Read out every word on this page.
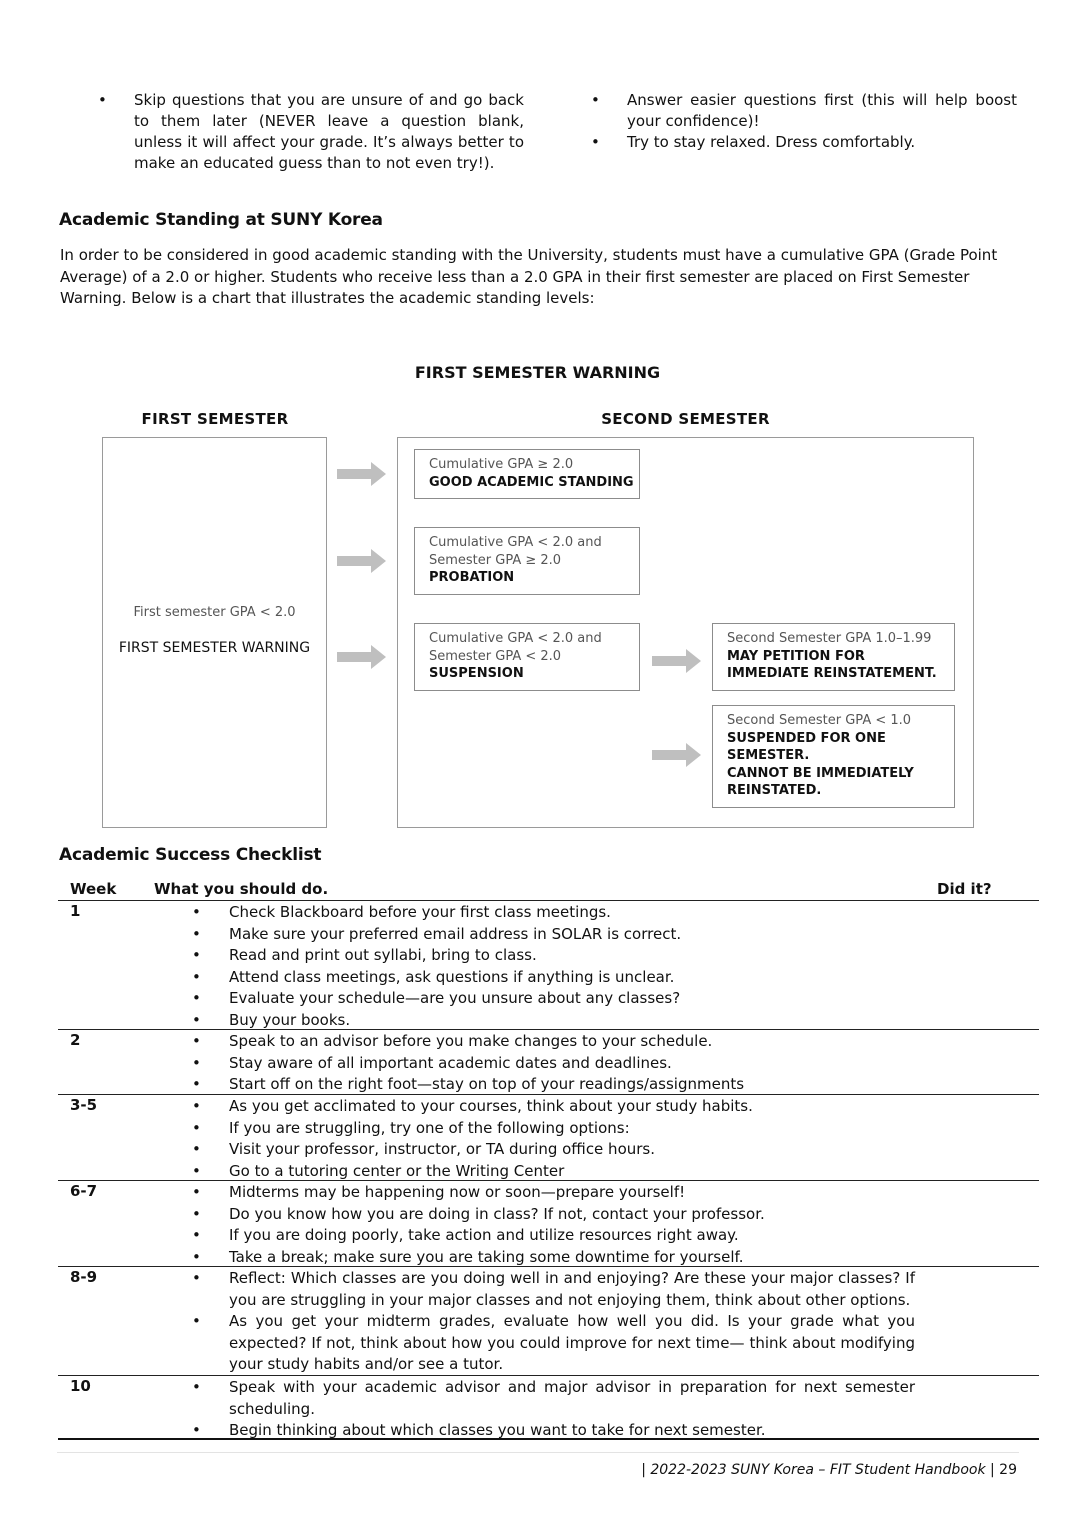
• Skip questions that you are unsure of and go back to them later (NEVER leave a question blank, unless it will affect your grade. It’s always better to make an educated guess than to not even try!).
• Answer easier questions first (this will help boost your confidence)!
• Try to stay relaxed. Dress comfortably.
Academic Standing at SUNY Korea
In order to be considered in good academic standing with the University, students must have a cumulative GPA (Grade Point Average) of a 2.0 or higher. Students who receive less than a 2.0 GPA in their first semester are placed on First Semester Warning. Below is a chart that illustrates the academic standing levels:
FIRST SEMESTER WARNING
FIRST SEMESTER	SECOND SEMESTER
First semester GPA < 2.0
FIRST SEMESTER WARNING
Cumulative GPA ≥ 2.0
GOOD ACADEMIC STANDING
Cumulative GPA < 2.0 and
Semester GPA ≥ 2.0
PROBATION
Cumulative GPA < 2.0 and
Semester GPA < 2.0
SUSPENSION
Second Semester GPA 1.0–1.99
MAY PETITION FOR
IMMEDIATE REINSTATEMENT.
Second Semester GPA < 1.0
SUSPENDED FOR ONE
SEMESTER.
CANNOT BE IMMEDIATELY
REINSTATED.
Academic Success Checklist
Week	What you should do.	Did it?
1	• Check Blackboard before your first class meetings.
• Make sure your preferred email address in SOLAR is correct.
• Read and print out syllabi, bring to class.
• Attend class meetings, ask questions if anything is unclear.
• Evaluate your schedule—are you unsure about any classes?
• Buy your books.
2	• Speak to an advisor before you make changes to your schedule.
• Stay aware of all important academic dates and deadlines.
• Start off on the right foot—stay on top of your readings/assignments
3-5	• As you get acclimated to your courses, think about your study habits.
• If you are struggling, try one of the following options:
• Visit your professor, instructor, or TA during office hours.
• Go to a tutoring center or the Writing Center
6-7	• Midterms may be happening now or soon—prepare yourself!
• Do you know how you are doing in class? If not, contact your professor.
• If you are doing poorly, take action and utilize resources right away.
• Take a break; make sure you are taking some downtime for yourself.
8-9	• Reflect: Which classes are you doing well in and enjoying? Are these your major classes? If you are struggling in your major classes and not enjoying them, think about other options.
• As you get your midterm grades, evaluate how well you did. Is your grade what you expected? If not, think about how you could improve for next time— think about modifying your study habits and/or see a tutor.
10	• Speak with your academic advisor and major advisor in preparation for next semester scheduling.
• Begin thinking about which classes you want to take for next semester.
| 2022-2023 SUNY Korea – FIT Student Handbook | 29
